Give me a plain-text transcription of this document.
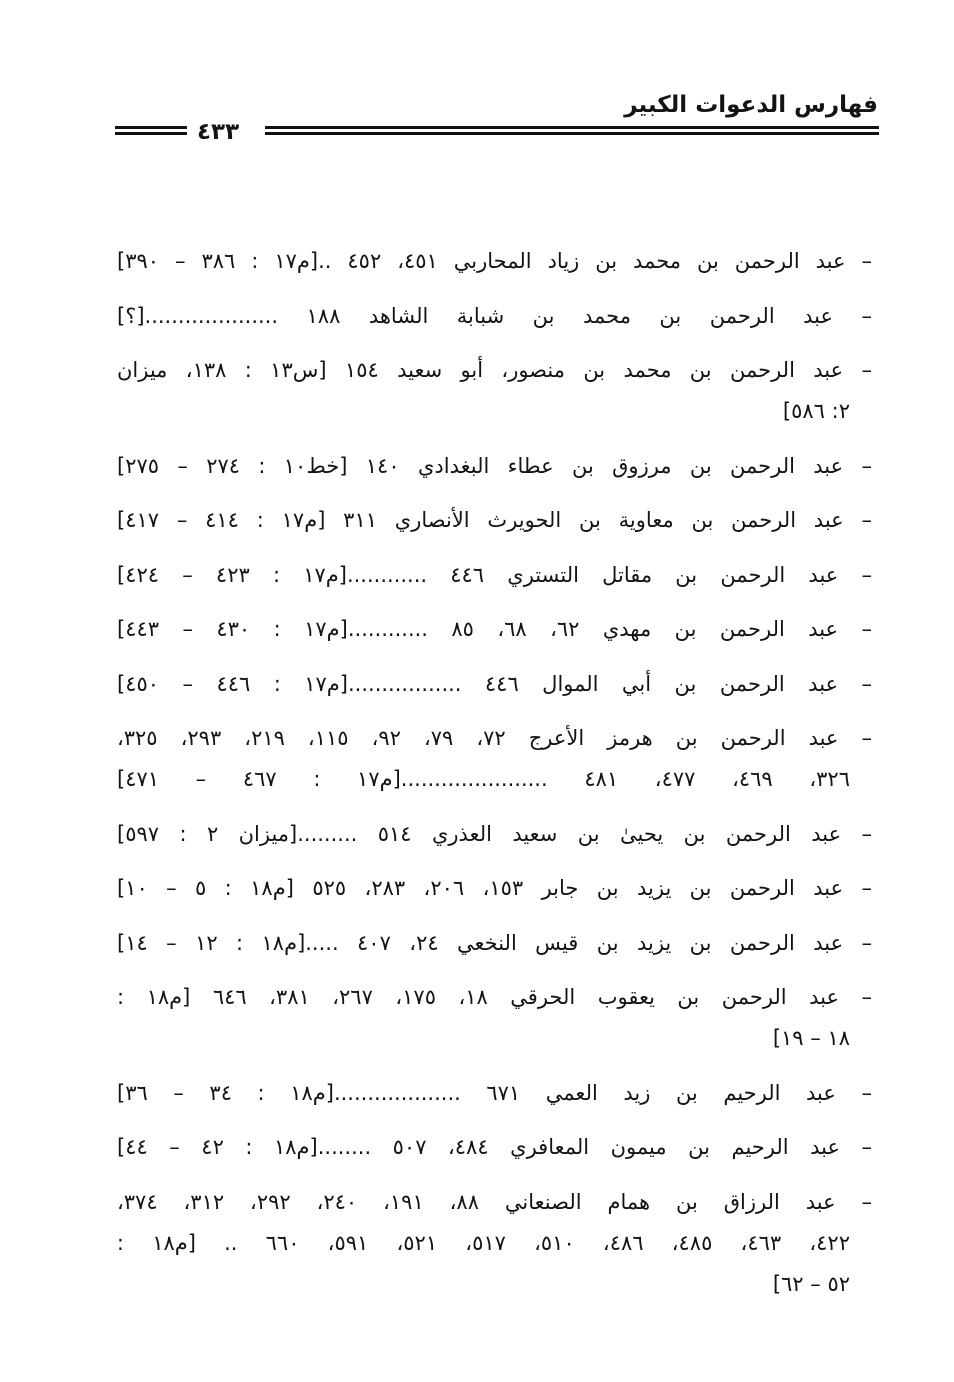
فهارس الدعوات الكبير
٤٣٣
– عبد الرحمن بن محمد بن زياد المحاربي ٤٥١، ٤٥٢ ..[م١٧ : ٣٨٦ – ٣٩٠]
– عبد الرحمن بن محمد بن شبابة الشاهد ١٨٨ ....................[؟]
– عبد الرحمن بن محمد بن منصور، أبو سعيد ١٥٤ [س١٣ : ١٣٨، ميزان
٢: ٥٨٦]
– عبد الرحمن بن مرزوق بن عطاء البغدادي ١٤٠ [خط١٠ : ٢٧٤ – ٢٧٥]
– عبد الرحمن بن معاوية بن الحويرث الأنصاري ٣١١ [م١٧ : ٤١٤ – ٤١٧]
– عبد الرحمن بن مقاتل التستري ٤٤٦ ............[م١٧ : ٤٢٣ – ٤٢٤]
– عبد الرحمن بن مهدي ٦٢، ٦٨، ٨٥ ............[م١٧ : ٤٣٠ – ٤٤٣]
– عبد الرحمن بن أبي الموال ٤٤٦ .................[م١٧ : ٤٤٦ – ٤٥٠]
– عبد الرحمن بن هرمز الأعرج ٧٢، ٧٩، ٩٢، ١١٥، ٢١٩، ٢٩٣، ٣٢٥،
٣٢٦، ٤٦٩، ٤٧٧، ٤٨١ ......................[م١٧ : ٤٦٧ – ٤٧١]
– عبد الرحمن بن يحيىٰ بن سعيد العذري ٥١٤ .........[ميزان ٢ : ٥٩٧]
– عبد الرحمن بن يزيد بن جابر ١٥٣، ٢٠٦، ٢٨٣، ٥٢٥ [م١٨ : ٥ – ١٠]
– عبد الرحمن بن يزيد بن قيس النخعي ٢٤، ٤٠٧ .....[م١٨ : ١٢ – ١٤]
– عبد الرحمن بن يعقوب الحرقي ١٨، ١٧٥، ٢٦٧، ٣٨١، ٦٤٦ [م١٨ :
١٨ – ١٩]
– عبد الرحيم بن زيد العمي ٦٧١ ...................[م١٨ : ٣٤ – ٣٦]
– عبد الرحيم بن ميمون المعافري ٤٨٤، ٥٠٧ ........[م١٨ : ٤٢ – ٤٤]
– عبد الرزاق بن همام الصنعاني ٨٨، ١٩١، ٢٤٠، ٢٩٢، ٣١٢، ٣٧٤،
٤٢٢، ٤٦٣، ٤٨٥، ٤٨٦، ٥١٠، ٥١٧، ٥٢١، ٥٩١، ٦٦٠ .. [م١٨ :
٥٢ – ٦٢]
